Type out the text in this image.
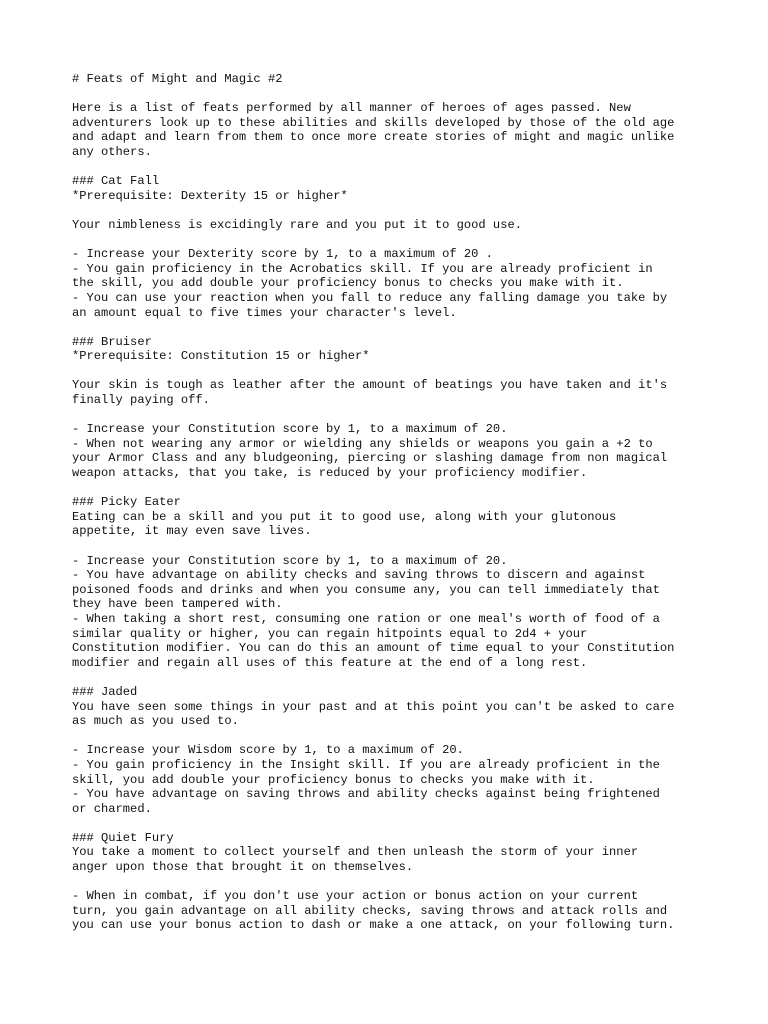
# Feats of Might and Magic #2
Here is a list of feats performed by all manner of heroes of ages passed. New
adventurers look up to these abilities and skills developed by those of the old age
and adapt and learn from them to once more create stories of might and magic unlike
any others.
### Cat Fall
*Prerequisite: Dexterity 15 or higher*
Your nimbleness is excidingly rare and you put it to good use.
- Increase your Dexterity score by 1, to a maximum of 20 .
- You gain proficiency in the Acrobatics skill. If you are already proficient in
the skill, you add double your proficiency bonus to checks you make with it.
- You can use your reaction when you fall to reduce any falling damage you take by
an amount equal to five times your character's level.
### Bruiser
*Prerequisite: Constitution 15 or higher*
Your skin is tough as leather after the amount of beatings you have taken and it's
finally paying off.
- Increase your Constitution score by 1, to a maximum of 20.
- When not wearing any armor or wielding any shields or weapons you gain a +2 to
your Armor Class and any bludgeoning, piercing or slashing damage from non magical
weapon attacks, that you take, is reduced by your proficiency modifier.
### Picky Eater
Eating can be a skill and you put it to good use, along with your glutonous
appetite, it may even save lives.
- Increase your Constitution score by 1, to a maximum of 20.
- You have advantage on ability checks and saving throws to discern and against
poisoned foods and drinks and when you consume any, you can tell immediately that
they have been tampered with.
- When taking a short rest, consuming one ration or one meal's worth of food of a
similar quality or higher, you can regain hitpoints equal to 2d4 + your
Constitution modifier. You can do this an amount of time equal to your Constitution
modifier and regain all uses of this feature at the end of a long rest.
### Jaded
You have seen some things in your past and at this point you can't be asked to care
as much as you used to.
- Increase your Wisdom score by 1, to a maximum of 20.
- You gain proficiency in the Insight skill. If you are already proficient in the
skill, you add double your proficiency bonus to checks you make with it.
- You have advantage on saving throws and ability checks against being frightened
or charmed.
### Quiet Fury
You take a moment to collect yourself and then unleash the storm of your inner
anger upon those that brought it on themselves.
- When in combat, if you don't use your action or bonus action on your current
turn, you gain advantage on all ability checks, saving throws and attack rolls and
you can use your bonus action to dash or make a one attack, on your following turn.
